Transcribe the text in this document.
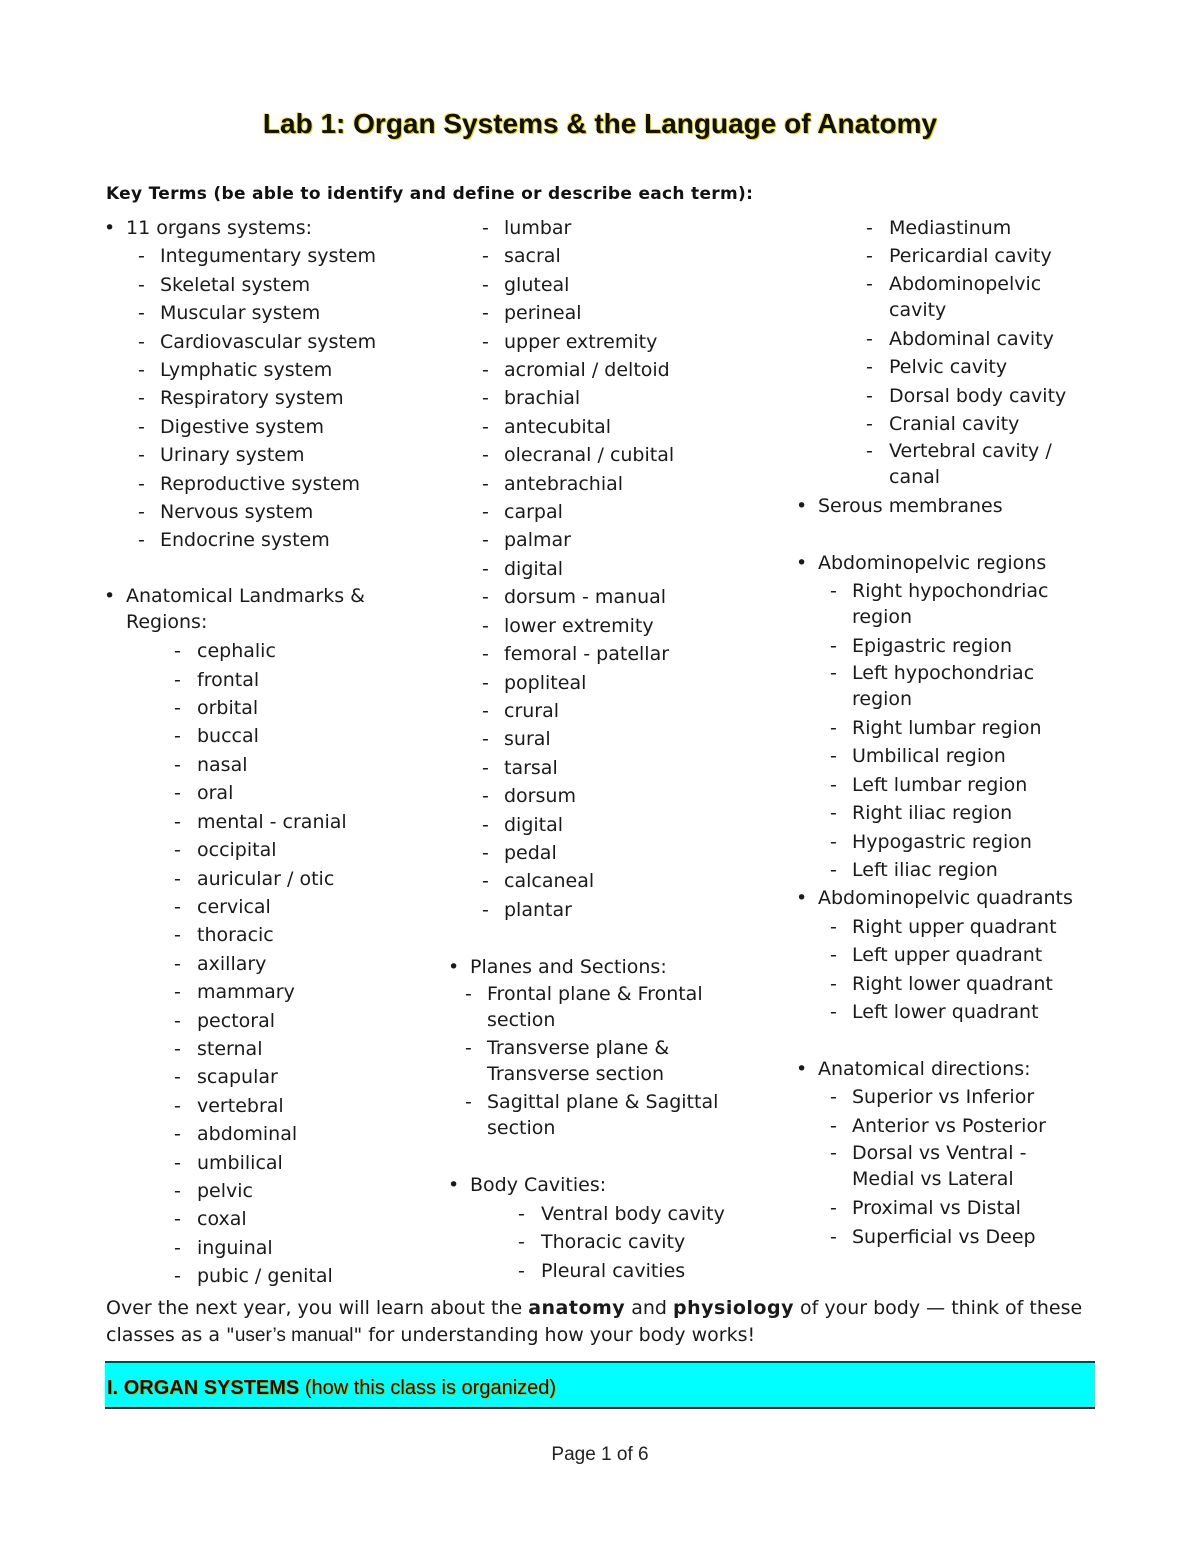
Lab 1: Organ Systems & the Language of Anatomy

Key Terms (be able to identify and define or describe each term):

• 11 organs systems:
- Integumentary system
- Skeletal system
- Muscular system
- Cardiovascular system
- Lymphatic system
- Respiratory system
- Digestive system
- Urinary system
- Reproductive system
- Nervous system
- Endocrine system
• Anatomical Landmarks &
Regions:
- cephalic
- frontal
- orbital
- buccal
- nasal
- oral
- mental - cranial
- occipital
- auricular / otic
- cervical
- thoracic
- axillary
- mammary
- pectoral
- sternal
- scapular
- vertebral
- abdominal
- umbilical
- pelvic
- coxal
- inguinal
- pubic / genital
- lumbar
- sacral
- gluteal
- perineal
- upper extremity
- acromial / deltoid
- brachial
- antecubital
- olecranal / cubital
- antebrachial
- carpal
- palmar
- digital
- dorsum - manual
- lower extremity
- femoral - patellar
- popliteal
- crural
- sural
- tarsal
- dorsum
- digital
- pedal
- calcaneal
- plantar
• Planes and Sections:
- Frontal plane & Frontal
section
- Transverse plane &
Transverse section
- Sagittal plane & Sagittal
section
• Body Cavities:
- Ventral body cavity
- Thoracic cavity
- Pleural cavities
- Mediastinum
- Pericardial cavity
- Abdominopelvic
cavity
- Abdominal cavity
- Pelvic cavity
- Dorsal body cavity
- Cranial cavity
- Vertebral cavity /
canal
• Serous membranes
• Abdominopelvic regions
- Right hypochondriac
region
- Epigastric region
- Left hypochondriac
region
- Right lumbar region
- Umbilical region
- Left lumbar region
- Right iliac region
- Hypogastric region
- Left iliac region
• Abdominopelvic quadrants
- Right upper quadrant
- Left upper quadrant
- Right lower quadrant
- Left lower quadrant
• Anatomical directions:
- Superior vs Inferior
- Anterior vs Posterior
- Dorsal vs Ventral -
Medial vs Lateral
- Proximal vs Distal
- Superficial vs Deep

Over the next year, you will learn about the anatomy and physiology of your body — think of these classes as a "user’s manual" for understanding how your body works!

I. ORGAN SYSTEMS (how this class is organized)
Page 1 of 6
